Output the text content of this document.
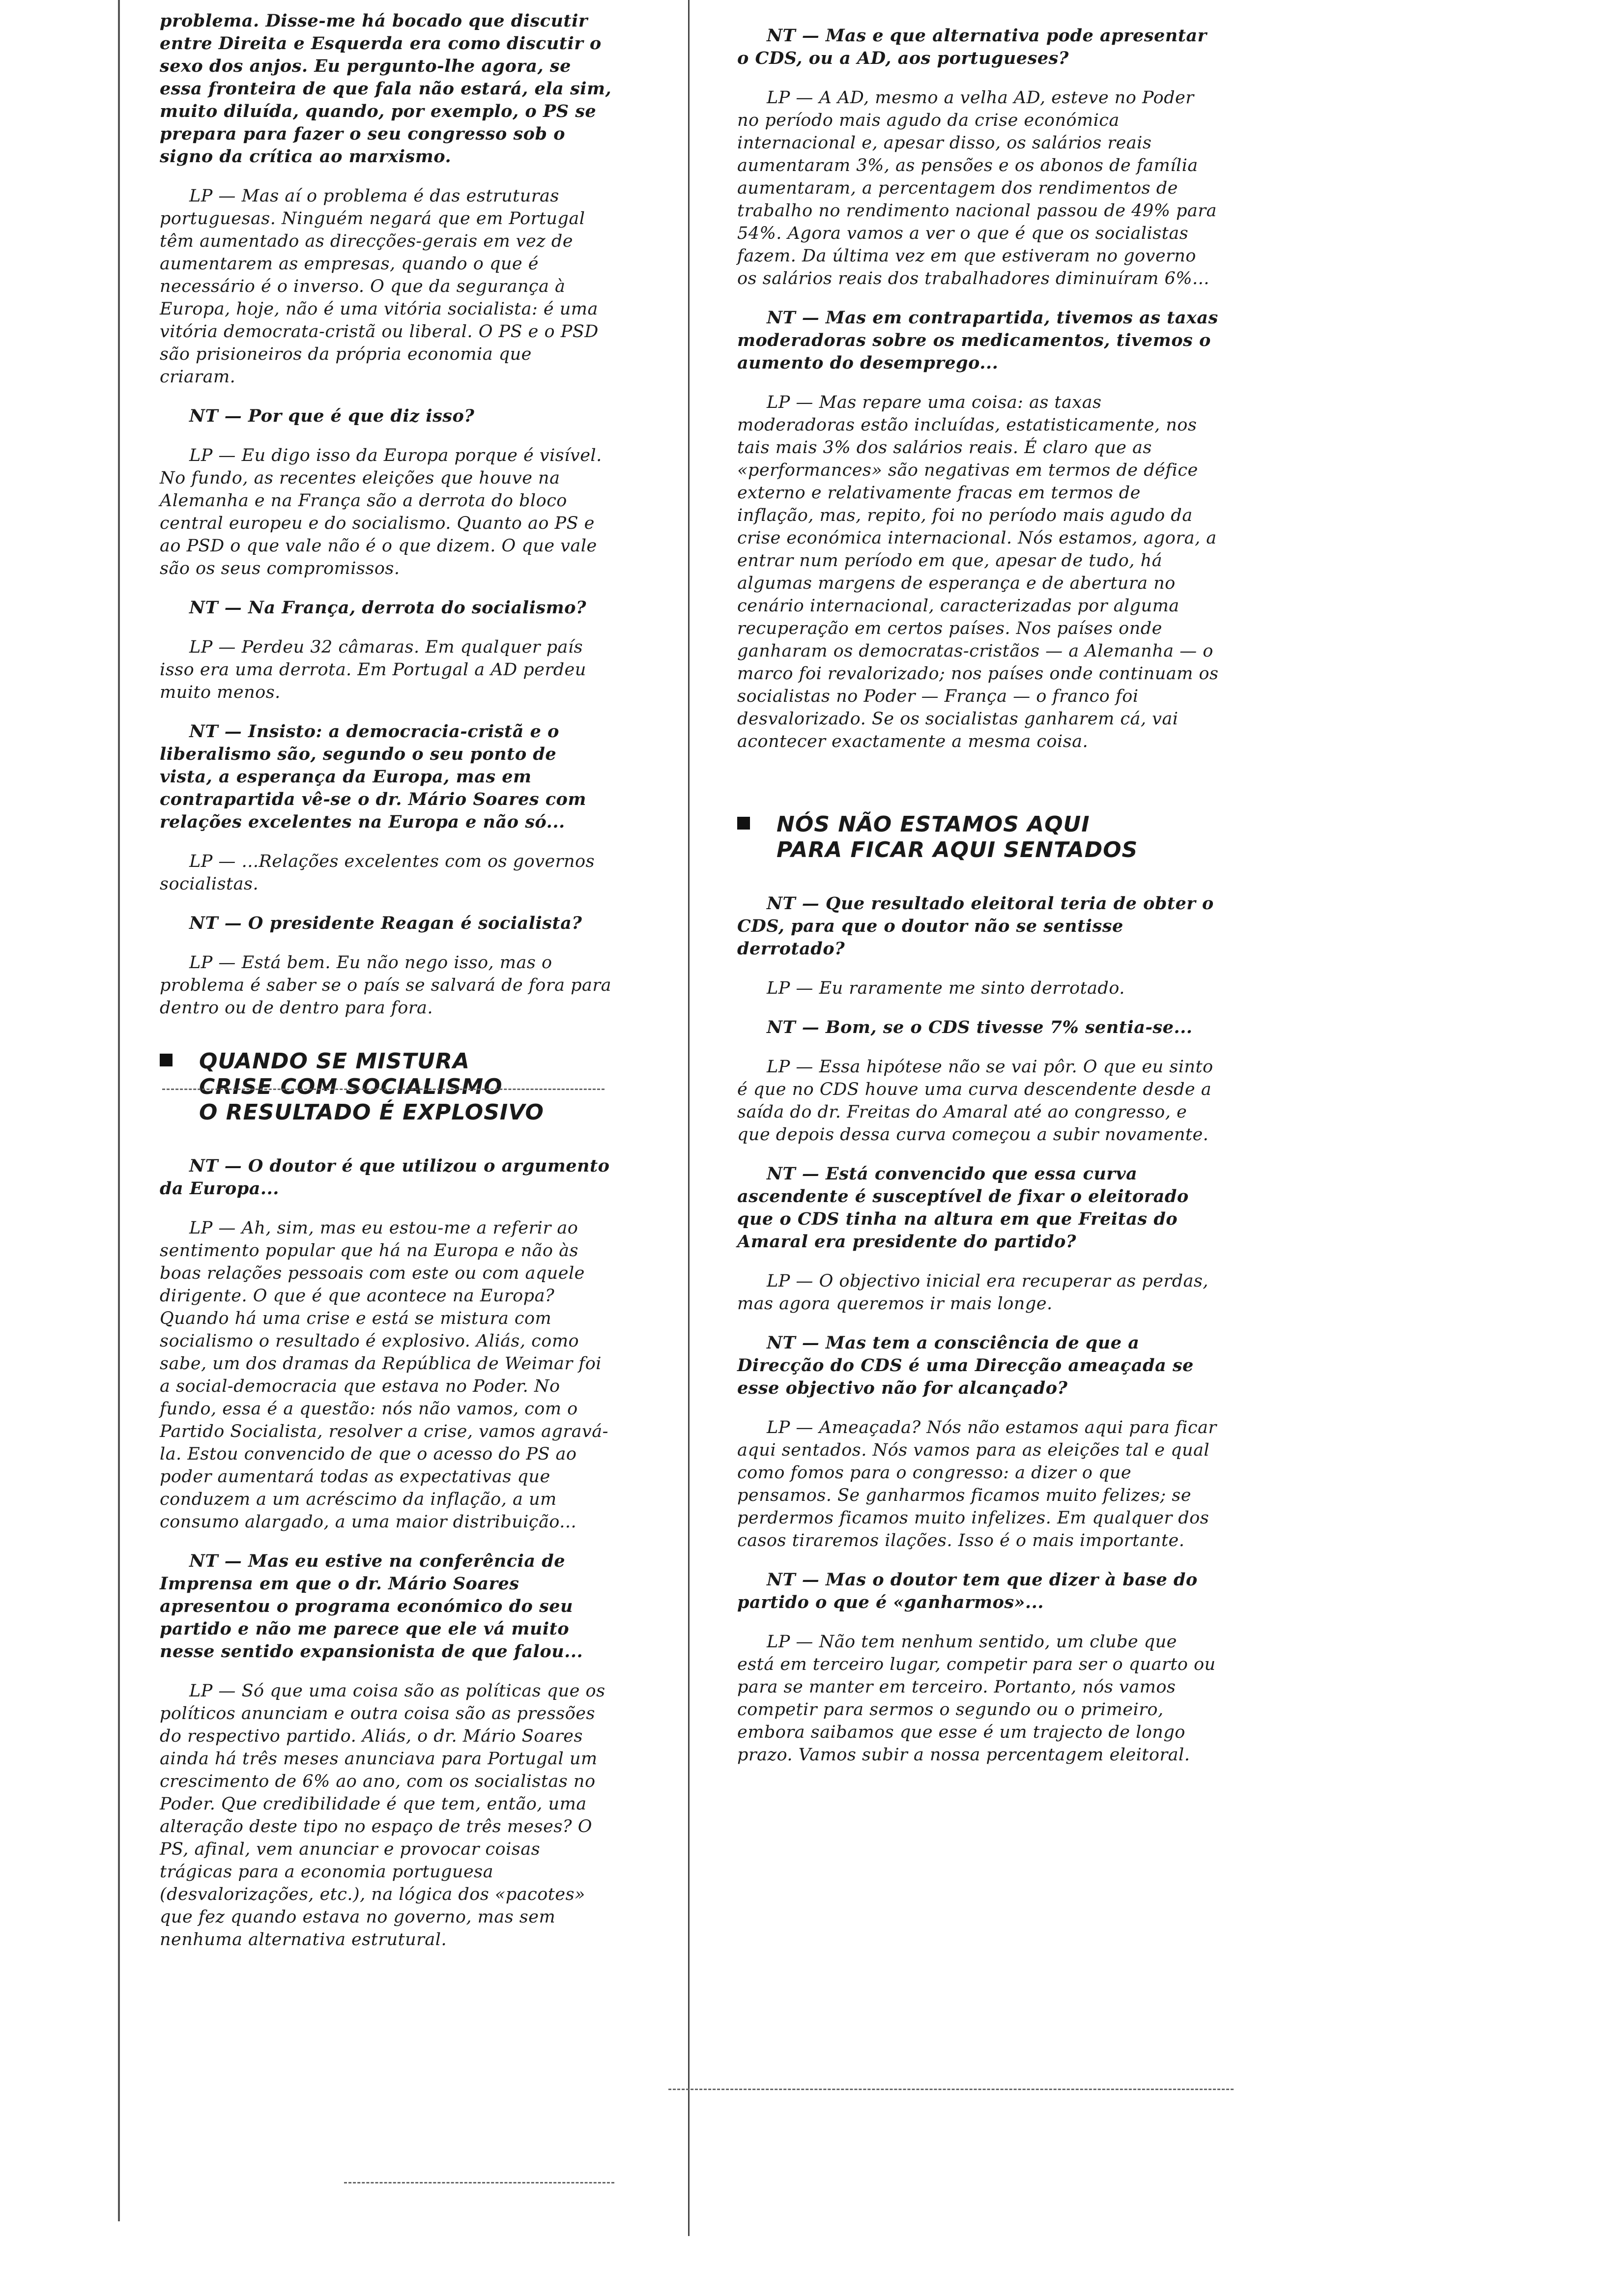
problema. Disse-me há bocado que discutir entre Direita e Esquerda era como discutir o sexo dos anjos. Eu pergunto-lhe agora, se essa fronteira de que fala não estará, ela sim, muito diluída, quando, por exemplo, o PS se prepara para fazer o seu congresso sob o signo da crítica ao marxismo.

LP — Mas aí o problema é das estruturas portuguesas. Ninguém negará que em Portugal têm aumentado as direcções-gerais em vez de aumentarem as empresas, quando o que é necessário é o inverso. O que da segurança à Europa, hoje, não é uma vitória socialista: é uma vitória democrata-cristã ou liberal. O PS e o PSD são prisioneiros da própria economia que criaram.

NT — Por que é que diz isso?

LP — Eu digo isso da Europa porque é visível. No fundo, as recentes eleições que houve na Alemanha e na França são a derrota do bloco central europeu e do socialismo. Quanto ao PS e ao PSD o que vale não é o que dizem. O que vale são os seus compromissos.

NT — Na França, derrota do socialismo?

LP — Perdeu 32 câmaras. Em qualquer país isso era uma derrota. Em Portugal a AD perdeu muito menos.

NT — Insisto: a democracia-cristã e o liberalismo são, segundo o seu ponto de vista, a esperança da Europa, mas em contrapartida vê-se o dr. Mário Soares com relações excelentes na Europa e não só...

LP — ...Relações excelentes com os governos socialistas.

NT — O presidente Reagan é socialista?

LP — Está bem. Eu não nego isso, mas o problema é saber se o país se salvará de fora para dentro ou de dentro para fora.

QUANDO SE MISTURA
CRISE COM SOCIALISMO
O RESULTADO É EXPLOSIVO

NT — O doutor é que utilizou o argumento da Europa...

LP — Ah, sim, mas eu estou-me a referir ao sentimento popular que há na Europa e não às boas relações pessoais com este ou com aquele dirigente. O que é que acontece na Europa? Quando há uma crise e está se mistura com socialismo o resultado é explosivo. Aliás, como sabe, um dos dramas da República de Weimar foi a social-democracia que estava no Poder. No fundo, essa é a questão: nós não vamos, com o Partido Socialista, resolver a crise, vamos agravá-la. Estou convencido de que o acesso do PS ao poder aumentará todas as expectativas que conduzem a um acréscimo da inflação, a um consumo alargado, a uma maior distribuição...

NT — Mas eu estive na conferência de Imprensa em que o dr. Mário Soares apresentou o programa económico do seu partido e não me parece que ele vá muito nesse sentido expansionista de que falou...

LP — Só que uma coisa são as políticas que os políticos anunciam e outra coisa são as pressões do respectivo partido. Aliás, o dr. Mário Soares ainda há três meses anunciava para Portugal um crescimento de 6% ao ano, com os socialistas no Poder. Que credibilidade é que tem, então, uma alteração deste tipo no espaço de três meses? O PS, afinal, vem anunciar e provocar coisas trágicas para a economia portuguesa (desvalorizações, etc.), na lógica dos «pacotes» que fez quando estava no governo, mas sem nenhuma alternativa estrutural.

NT — Mas e que alternativa pode apresentar o CDS, ou a AD, aos portugueses?

LP — A AD, mesmo a velha AD, esteve no Poder no período mais agudo da crise económica internacional e, apesar disso, os salários reais aumentaram 3%, as pensões e os abonos de família aumentaram, a percentagem dos rendimentos de trabalho no rendimento nacional passou de 49% para 54%. Agora vamos a ver o que é que os socialistas fazem. Da última vez em que estiveram no governo os salários reais dos trabalhadores diminuíram 6%...

NT — Mas em contrapartida, tivemos as taxas moderadoras sobre os medicamentos, tivemos o aumento do desemprego...

LP — Mas repare uma coisa: as taxas moderadoras estão incluídas, estatisticamente, nos tais mais 3% dos salários reais. É claro que as «performances» são negativas em termos de défice externo e relativamente fracas em termos de inflação, mas, repito, foi no período mais agudo da crise económica internacional. Nós estamos, agora, a entrar num período em que, apesar de tudo, há algumas margens de esperança e de abertura no cenário internacional, caracterizadas por alguma recuperação em certos países. Nos países onde ganharam os democratas-cristãos — a Alemanha — o marco foi revalorizado; nos países onde continuam os socialistas no Poder — França — o franco foi desvalorizado. Se os socialistas ganharem cá, vai acontecer exactamente a mesma coisa.

NÓS NÃO ESTAMOS AQUI
PARA FICAR AQUI SENTADOS

NT — Que resultado eleitoral teria de obter o CDS, para que o doutor não se sentisse derrotado?

LP — Eu raramente me sinto derrotado.

NT — Bom, se o CDS tivesse 7% sentia-se...

LP — Essa hipótese não se vai pôr. O que eu sinto é que no CDS houve uma curva descendente desde a saída do dr. Freitas do Amaral até ao congresso, e que depois dessa curva começou a subir novamente.

NT — Está convencido que essa curva ascendente é susceptível de fixar o eleitorado que o CDS tinha na altura em que Freitas do Amaral era presidente do partido?

LP — O objectivo inicial era recuperar as perdas, mas agora queremos ir mais longe.

NT — Mas tem a consciência de que a Direcção do CDS é uma Direcção ameaçada se esse objectivo não for alcançado?

LP — Ameaçada? Nós não estamos aqui para ficar aqui sentados. Nós vamos para as eleições tal e qual como fomos para o congresso: a dizer o que pensamos. Se ganharmos ficamos muito felizes; se perdermos ficamos muito infelizes. Em qualquer dos casos tiraremos ilações. Isso é o mais importante.

NT — Mas o doutor tem que dizer à base do partido o que é «ganharmos»...

LP — Não tem nenhum sentido, um clube que está em terceiro lugar, competir para ser o quarto ou para se manter em terceiro. Portanto, nós vamos competir para sermos o segundo ou o primeiro, embora saibamos que esse é um trajecto de longo prazo. Vamos subir a nossa percentagem eleitoral.
